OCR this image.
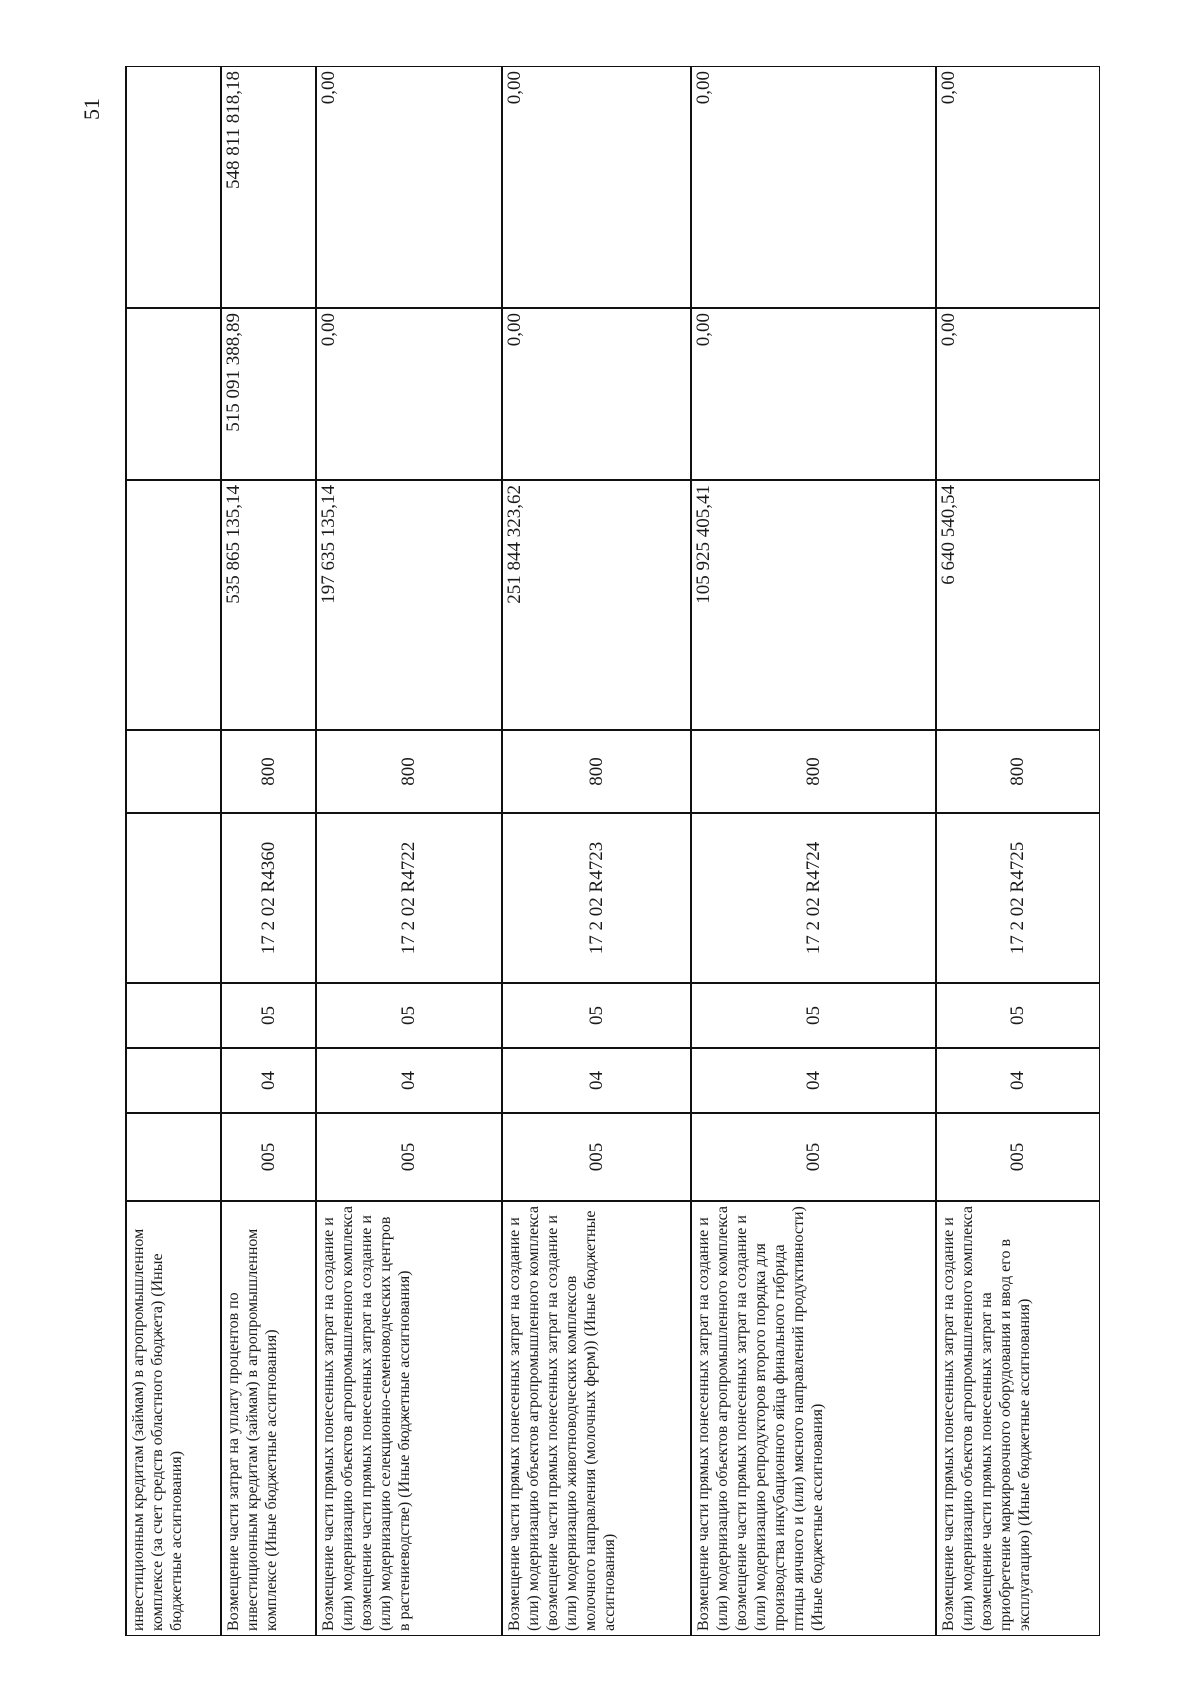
51
инвестиционным кредитам (займам) в агропромышленном комплексе (за счет средств областного бюджета) (Иные бюджетные ассигнования)								
Возмещение части затрат на уплату процентов по инвестиционным кредитам (займам) в агропромышленном комплексе (Иные бюджетные ассигнования)	005	04	05	17 2 02 R4360	800	535 865 135,14	515 091 388,89	548 811 818,18
Возмещение части прямых понесенных затрат на создание и (или) модернизацию объектов агропромышленного комплекса (возмещение части прямых понесенных затрат на создание и (или) модернизацию селекционно-семеноводческих центров в растениеводстве) (Иные бюджетные ассигнования)	005	04	05	17 2 02 R4722	800	197 635 135,14	0,00	0,00
Возмещение части прямых понесенных затрат на создание и (или) модернизацию объектов агропромышленного комплекса (возмещение части прямых понесенных затрат на создание и (или) модернизацию животноводческих комплексов молочного направления (молочных ферм)) (Иные бюджетные ассигнования)	005	04	05	17 2 02 R4723	800	251 844 323,62	0,00	0,00
Возмещение части прямых понесенных затрат на создание и (или) модернизацию объектов агропромышленного комплекса (возмещение части прямых понесенных затрат на создание и (или) модернизацию репродукторов второго порядка для производства инкубационного яйца финального гибрида птицы яичного и (или) мясного направлений продуктивности) (Иные бюджетные ассигнования)	005	04	05	17 2 02 R4724	800	105 925 405,41	0,00	0,00
Возмещение части прямых понесенных затрат на создание и (или) модернизацию объектов агропромышленного комплекса (возмещение части прямых понесенных затрат на приобретение маркировочного оборудования и ввод его в эксплуатацию) (Иные бюджетные ассигнования)	005	04	05	17 2 02 R4725	800	6 640 540,54	0,00	0,00
